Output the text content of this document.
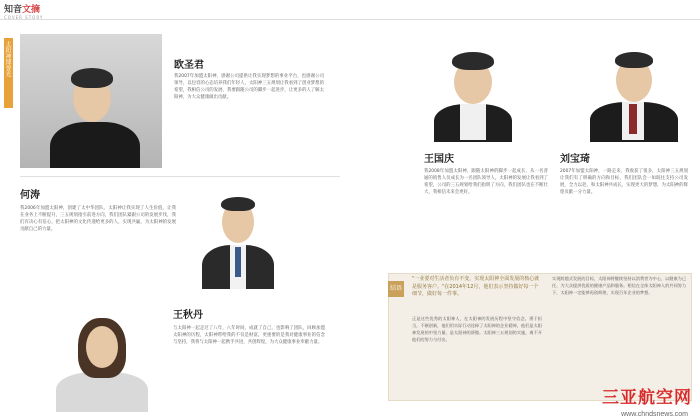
知音文摘
COVER STORY
太阳神博誉光	欧圣君
我2007年加盟太阳神，感谢公司提供让我实现梦想的事业平台，也感谢公司领导，以包容的心态培养我们年轻人，太阳神三五规划让我看到了创业梦想的希望，我相信公司的发展，我要跟随公司的脚步一起进步，让更多的人了解太阳神，为大众健康做出贡献。
何涛
我2006年加盟太阳神，创建了太中华团队，太阳神让我实现了人生价值，让我在业务上不断提升，三五规划指引前进方向，我们团队紧跟公司的发展步伐，我们有决心有信心，把太阳神的文化传递给更多的人，实现共赢，为太阳神的发展贡献自己的力量。
王秋丹
与太阳神一起走过了八年，八年时间，成就了自己，也影响了团队，回顾加盟太阳神的历程，太阳神带给我的不仅是财富，更重要的是我对健康事业的信念与坚持，我将与太阳神一起携手共进，共创辉煌，为大众健康事业奉献力量。
王国庆
我2008年加盟太阳神，跟随太阳神的脚步一起成长，从一名普通的销售人员成长为一名团队领导人，太阳神的发展让我看到了希望，公司的三五规划给我们指明了方向，我们团队也在不断壮大，我相信未来会更好。
刘宝琦
2007年加盟太阳神，一路走来，我收获了很多，太阳神三五规划让我们有了明确的方向和目标，我们团队会一如既往支持公司发展，全力以赴，和太阳神共成长，实现更大的梦想，为太阳神的辉煌贡献一分力量。
结语
"一业要对生活者负有不变，实现太阳神全面发展的核心就是服务客户。"在2014年12月，他们表示坚持做好每一个细节，做好每一件事。
正是这些优秀的太阳神人，在太阳神的发展历程中坚守信念，勇于担当，不断创新，他们用实际行动诠释了太阳神的企业精神，他们是太阳神发展的中坚力量，是太阳神的骄傲。太阳神三五规划的实施，离不开他们的努力与付出。
实现跨越式发展的目标，太阳神将继续坚持以消费者为中心，以健康为己任，为大众提供优质的健康产品和服务。相信在全体太阳神人的共同努力下，太阳神一定能够再创辉煌，实现百年企业的梦想。
三亚航空网
www.chndsnews.com
